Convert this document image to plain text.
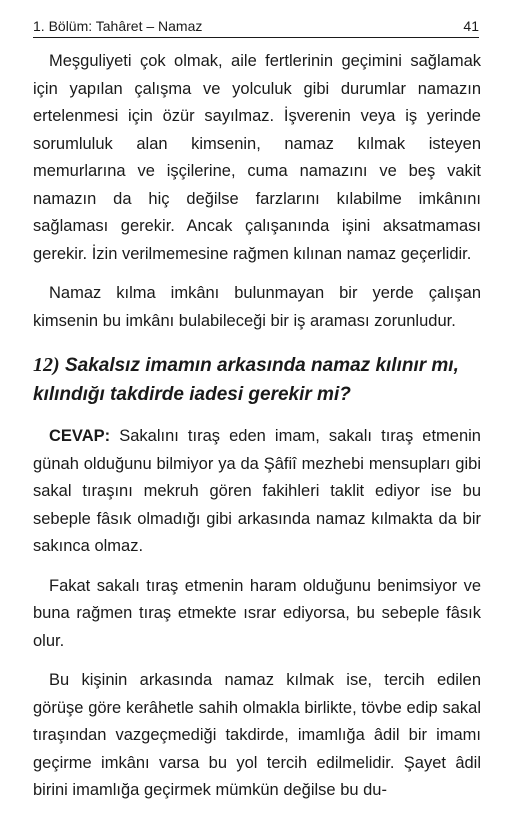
1. Bölüm: Tahâret – Namaz	41

Meşguliyeti çok olmak, aile fertlerinin geçimini sağlamak için yapılan çalışma ve yolculuk gibi durumlar namazın ertelenmesi için özür sayılmaz. İşverenin veya iş yerinde sorumluluk alan kimsenin, namaz kılmak isteyen memurlarına ve işçilerine, cuma namazını ve beş vakit namazın da hiç değilse farzlarını kılabilme imkânını sağlaması gerekir. Ancak çalışanında işini aksatmaması gerekir. İzin verilmemesine rağmen kılınan namaz geçerlidir.

Namaz kılma imkânı bulunmayan bir yerde çalışan kimsenin bu imkânı bulabileceği bir iş araması zorunludur.

12) Sakalsız imamın arkasında namaz kılınır mı, kılındığı takdirde iadesi gerekir mi?

CEVAP: Sakalını tıraş eden imam, sakalı tıraş etmenin günah olduğunu bilmiyor ya da Şâfiî mezhebi mensupları gibi sakal tıraşını mekruh gören fakihleri taklit ediyor ise bu sebeple fâsık olmadığı gibi arkasında namaz kılmakta da bir sakınca olmaz.

Fakat sakalı tıraş etmenin haram olduğunu benimsiyor ve buna rağmen tıraş etmekte ısrar ediyorsa, bu sebeple fâsık olur.

Bu kişinin arkasında namaz kılmak ise, tercih edilen görüşe göre kerâhetle sahih olmakla birlikte, tövbe edip sakal tıraşından vazgeçmediği takdirde, imamlığa âdil bir imamı geçirme imkânı varsa bu yol tercih edilmelidir. Şayet âdil birini imamlığa geçirmek mümkün değilse bu du-
